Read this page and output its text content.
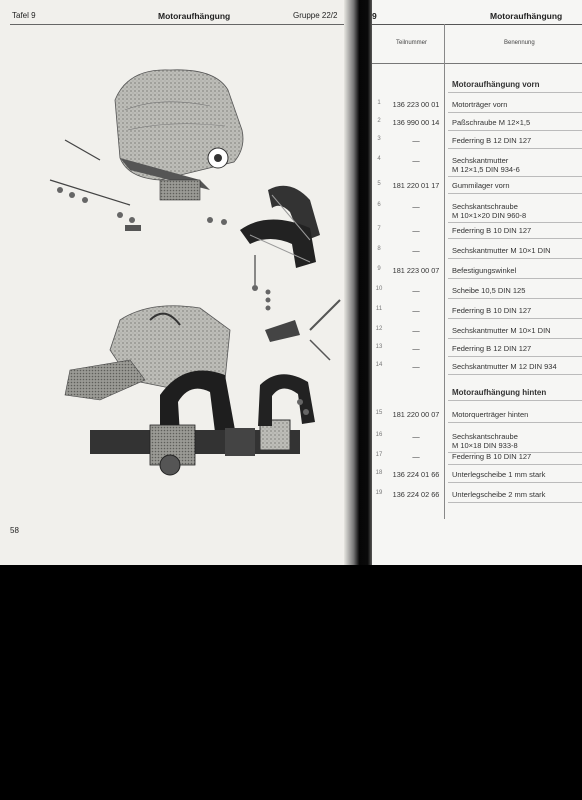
Tafel 9	Motoraufhängung	Gruppe 22/2
58
9	Motoraufhängung
Teilnummer	Benennung
Motoraufhängung vorn
1	136 223 00 01	Motorträger vorn
2	136 990 00 14	Paßschraube M 12×1,5
3	—	Federring B 12 DIN 127
4	—	Sechskantmutter
M 12×1,5 DIN 934-6
5	181 220 01 17	Gummilager vorn
6	—	Sechskantschraube
M 10×1×20 DIN 960-8
7	—	Federring B 10 DIN 127
8	—	Sechskantmutter M 10×1 DIN
9	181 223 00 07	Befestigungswinkel
10	—	Scheibe 10,5 DIN 125
11	—	Federring B 10 DIN 127
12	—	Sechskantmutter M 10×1 DIN
13	—	Federring B 12 DIN 127
14	—	Sechskantmutter M 12 DIN 934
Motoraufhängung hinten
15	181 220 00 07	Motorquerträger hinten
16	—	Sechskantschraube
M 10×18 DIN 933-8
17	—	Federring B 10 DIN 127
18	136 224 01 66	Unterlegscheibe 1 mm stark
19	136 224 02 66	Unterlegscheibe 2 mm stark
